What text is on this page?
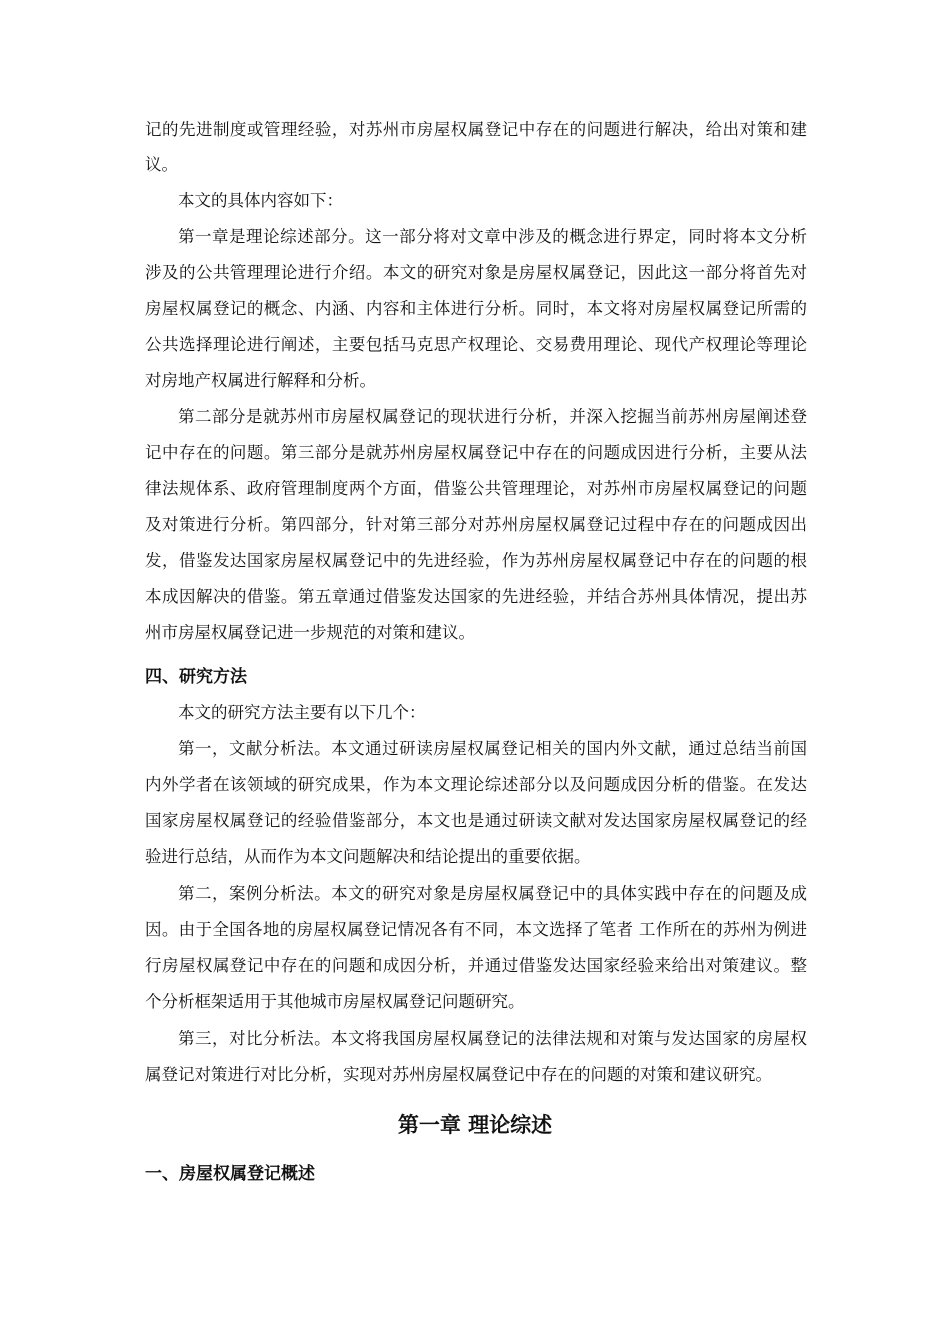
记的先进制度或管理经验，对苏州市房屋权属登记中存在的问题进行解决，给出对策和建
议。
本文的具体内容如下：
第一章是理论综述部分。这一部分将对文章中涉及的概念进行界定，同时将本文分析
涉及的公共管理理论进行介绍。本文的研究对象是房屋权属登记，因此这一部分将首先对
房屋权属登记的概念、内涵、内容和主体进行分析。同时，本文将对房屋权属登记所需的
公共选择理论进行阐述，主要包括马克思产权理论、交易费用理论、现代产权理论等理论
对房地产权属进行解释和分析。
第二部分是就苏州市房屋权属登记的现状进行分析，并深入挖掘当前苏州房屋阐述登
记中存在的问题。第三部分是就苏州房屋权属登记中存在的问题成因进行分析，主要从法
律法规体系、政府管理制度两个方面，借鉴公共管理理论，对苏州市房屋权属登记的问题
及对策进行分析。第四部分，针对第三部分对苏州房屋权属登记过程中存在的问题成因出
发，借鉴发达国家房屋权属登记中的先进经验，作为苏州房屋权属登记中存在的问题的根
本成因解决的借鉴。第五章通过借鉴发达国家的先进经验，并结合苏州具体情况，提出苏
州市房屋权属登记进一步规范的对策和建议。
四、研究方法
本文的研究方法主要有以下几个：
第一，文献分析法。本文通过研读房屋权属登记相关的国内外文献，通过总结当前国
内外学者在该领域的研究成果，作为本文理论综述部分以及问题成因分析的借鉴。在发达
国家房屋权属登记的经验借鉴部分，本文也是通过研读文献对发达国家房屋权属登记的经
验进行总结，从而作为本文问题解决和结论提出的重要依据。
第二，案例分析法。本文的研究对象是房屋权属登记中的具体实践中存在的问题及成
因。由于全国各地的房屋权属登记情况各有不同，本文选择了笔者 工作所在的苏州为例进
行房屋权属登记中存在的问题和成因分析，并通过借鉴发达国家经验来给出对策建议。整
个分析框架适用于其他城市房屋权属登记问题研究。
第三，对比分析法。本文将我国房屋权属登记的法律法规和对策与发达国家的房屋权
属登记对策进行对比分析，实现对苏州房屋权属登记中存在的问题的对策和建议研究。
第一章 理论综述
一、房屋权属登记概述
